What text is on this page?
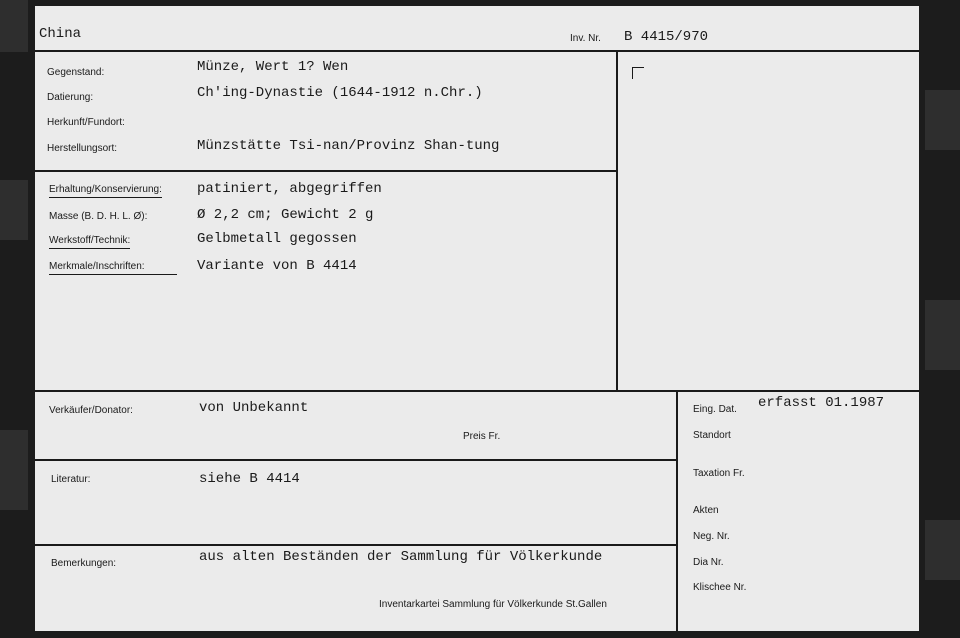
China	Inv. Nr. B 4415/970
Gegenstand:	Münze, Wert 1? Wen
Datierung:	Ch'ing-Dynastie (1644-1912 n.Chr.)
Herkunft/Fundort:
Herstellungsort:	Münzstätte Tsi-nan/Provinz Shan-tung
Erhaltung/Konservierung:	patiniert, abgegriffen
Masse (B. D. H. L. Ø):	Ø 2,2 cm; Gewicht 2 g
Werkstoff/Technik:	Gelbmetall gegossen
Merkmale/Inschriften:	Variante von B 4414
Verkäufer/Donator:	von Unbekannt
Preis Fr.
Literatur:	siehe B 4414
Bemerkungen:	aus alten Beständen der Sammlung für Völkerkunde
Inventarkartei Sammlung für Völkerkunde St.Gallen
Eing. Dat. erfasst 01.1987
Standort
Taxation Fr.
Akten
Neg. Nr.
Dia Nr.
Klischee Nr.
